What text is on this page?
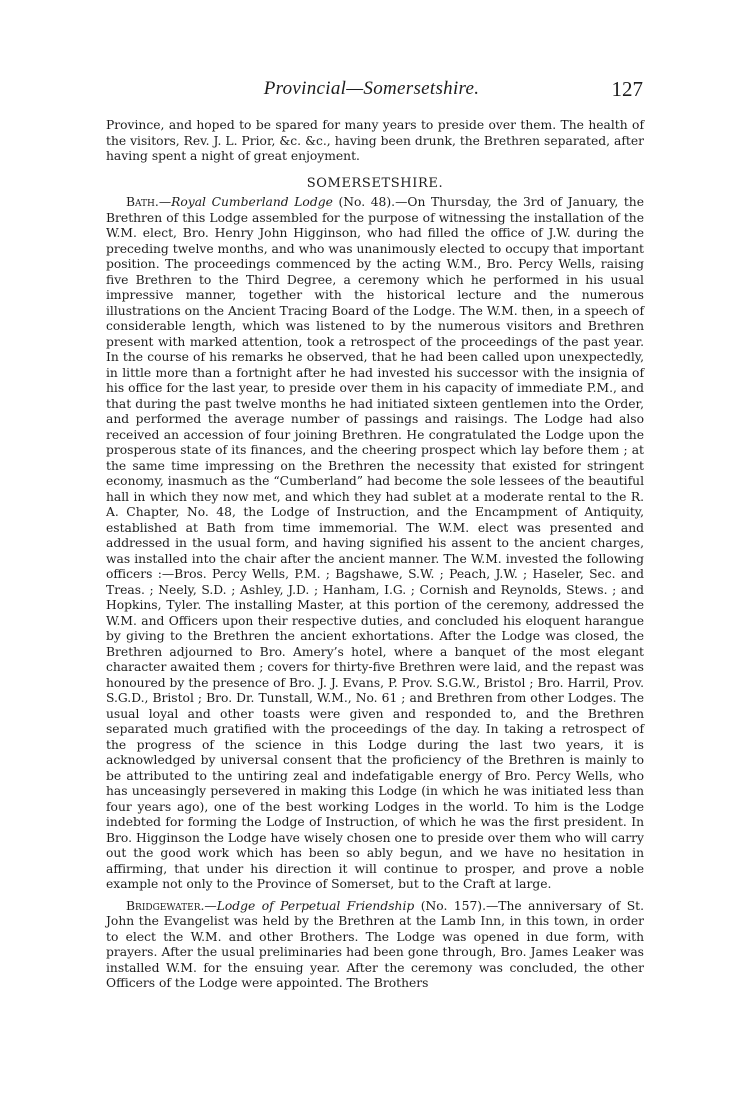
Provincial—Somersetshire.	127

Province, and hoped to be spared for many years to preside over them. The health of the visitors, Rev. J. L. Prior, &c. &c., having been drunk, the Brethren separated, after having spent a night of great enjoyment.

SOMERSETSHIRE.

Bath.—Royal Cumberland Lodge (No. 48).—On Thursday, the 3rd of January, the Brethren of this Lodge assembled for the purpose of witnessing the installation of the W.M. elect, Bro. Henry John Higginson, who had filled the office of J.W. during the preceding twelve months, and who was unanimously elected to occupy that important position. The proceedings commenced by the acting W.M., Bro. Percy Wells, raising five Brethren to the Third Degree, a ceremony which he performed in his usual impressive manner, together with the historical lecture and the numerous illustrations on the Ancient Tracing Board of the Lodge. The W.M. then, in a speech of considerable length, which was listened to by the numerous visitors and Brethren present with marked attention, took a retrospect of the proceedings of the past year. In the course of his remarks he observed, that he had been called upon unexpectedly, in little more than a fortnight after he had invested his successor with the insignia of his office for the last year, to preside over them in his capacity of immediate P.M., and that during the past twelve months he had initiated sixteen gentlemen into the Order, and performed the average number of passings and raisings. The Lodge had also received an accession of four joining Brethren. He congratulated the Lodge upon the prosperous state of its finances, and the cheering prospect which lay before them ; at the same time impressing on the Brethren the necessity that existed for stringent economy, inasmuch as the “Cumberland” had become the sole lessees of the beautiful hall in which they now met, and which they had sublet at a moderate rental to the R. A. Chapter, No. 48, the Lodge of Instruction, and the Encampment of Antiquity, established at Bath from time immemorial. The W.M. elect was presented and addressed in the usual form, and having signified his assent to the ancient charges, was installed into the chair after the ancient manner. The W.M. invested the following officers :—Bros. Percy Wells, P.M. ; Bagshawe, S.W. ; Peach, J.W. ; Haseler, Sec. and Treas. ; Neely, S.D. ; Ashley, J.D. ; Hanham, I.G. ; Cornish and Reynolds, Stews. ; and Hopkins, Tyler. The installing Master, at this portion of the ceremony, addressed the W.M. and Officers upon their respective duties, and concluded his eloquent harangue by giving to the Brethren the ancient exhortations. After the Lodge was closed, the Brethren adjourned to Bro. Amery’s hotel, where a banquet of the most elegant character awaited them ; covers for thirty-five Brethren were laid, and the repast was honoured by the presence of Bro. J. J. Evans, P. Prov. S.G.W., Bristol ; Bro. Harril, Prov. S.G.D., Bristol ; Bro. Dr. Tunstall, W.M., No. 61 ; and Brethren from other Lodges. The usual loyal and other toasts were given and responded to, and the Brethren separated much gratified with the proceedings of the day. In taking a retrospect of the progress of the science in this Lodge during the last two years, it is acknowledged by universal consent that the proficiency of the Brethren is mainly to be attributed to the untiring zeal and indefatigable energy of Bro. Percy Wells, who has unceasingly persevered in making this Lodge (in which he was initiated less than four years ago), one of the best working Lodges in the world. To him is the Lodge indebted for forming the Lodge of Instruction, of which he was the first president. In Bro. Higginson the Lodge have wisely chosen one to preside over them who will carry out the good work which has been so ably begun, and we have no hesitation in affirming, that under his direction it will continue to prosper, and prove a noble example not only to the Province of Somerset, but to the Craft at large.

Bridgewater.—Lodge of Perpetual Friendship (No. 157).—The anniversary of St. John the Evangelist was held by the Brethren at the Lamb Inn, in this town, in order to elect the W.M. and other Brothers. The Lodge was opened in due form, with prayers. After the usual preliminaries had been gone through, Bro. James Leaker was installed W.M. for the ensuing year. After the ceremony was concluded, the other Officers of the Lodge were appointed. The Brothers
